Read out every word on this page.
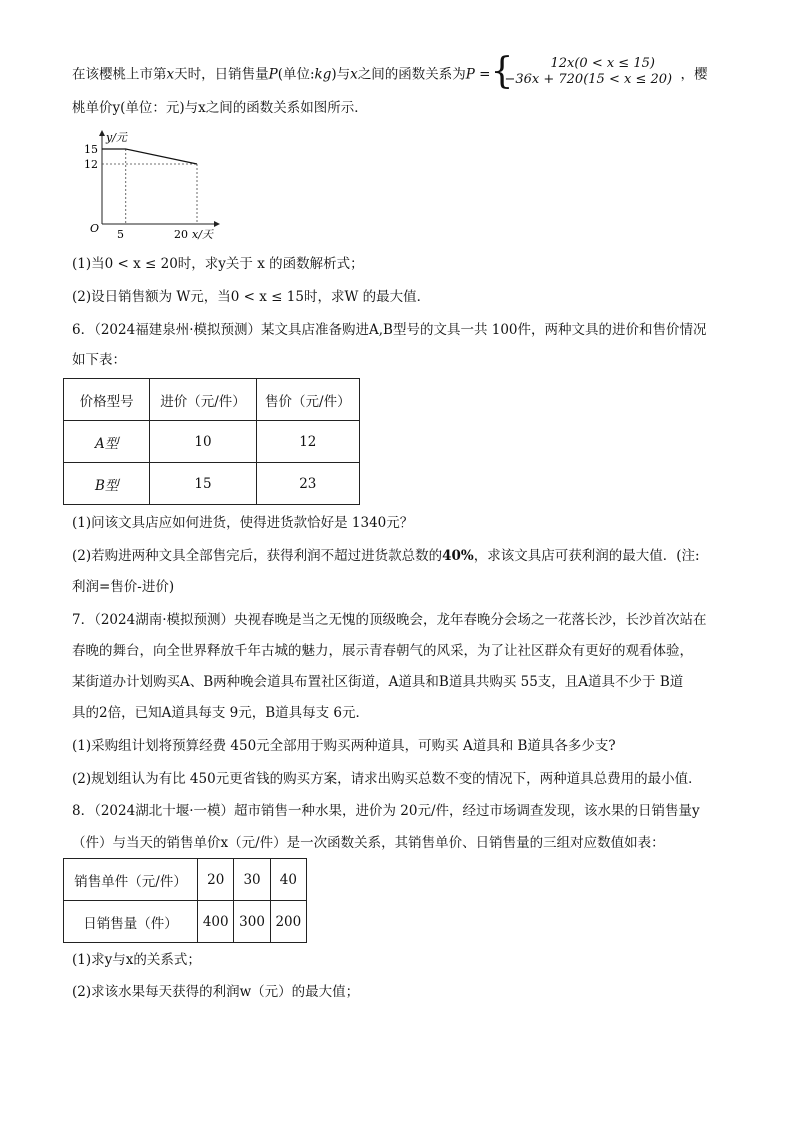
在该樱桃上市第x天时，日销售量P(单位:kg)与x之间的函数关系为P = {	12x(0 < x ≤ 15)
−36x + 720(15 < x ≤ 20) ，樱
桃单价y(单位：元)与x之间的函数关系如图所示．
y/元
x/天
O
15
12
5	20
(1)当0 < x ≤ 20时，求y关于 x 的函数解析式；
(2)设日销售额为 W元，当0 < x ≤ 15时，求W 的最大值．
6．（2024福建泉州·模拟预测）某文具店准备购进A,B型号的文具一共 100件，两种文具的进价和售价情况
如下表：
价格型号	进价（元/件）	售价（元/件）
A型	10	12
B型	15	23
(1)问该文具店应如何进货，使得进货款恰好是 1340元？
(2)若购进两种文具全部售完后，获得利润不超过进货款总数的40%，求该文具店可获利润的最大值．(注:
利润=售价-进价)
7．（2024湖南·模拟预测）央视春晚是当之无愧的顶级晚会，龙年春晚分会场之一花落长沙，长沙首次站在
春晚的舞台，向全世界释放千年古城的魅力，展示青春朝气的风采，为了让社区群众有更好的观看体验，
某街道办计划购买A、B两种晚会道具布置社区街道，A道具和B道具共购买 55支，且A道具不少于 B道
具的2倍，已知A道具每支 9元，B道具每支 6元．
(1)采购组计划将预算经费 450元全部用于购买两种道具，可购买 A道具和 B道具各多少支?
(2)规划组认为有比 450元更省钱的购买方案，请求出购买总数不变的情况下，两种道具总费用的最小值．
8．（2024湖北十堰·一模）超市销售一种水果，进价为 20元/件，经过市场调查发现，该水果的日销售量y
（件）与当天的销售单价x（元/件）是一次函数关系，其销售单价、日销售量的三组对应数值如表：
销售单件（元/件）	20	30	40
日销售量（件）	400	300	200
(1)求y与x的关系式；
(2)求该水果每天获得的利润w（元）的最大值；
